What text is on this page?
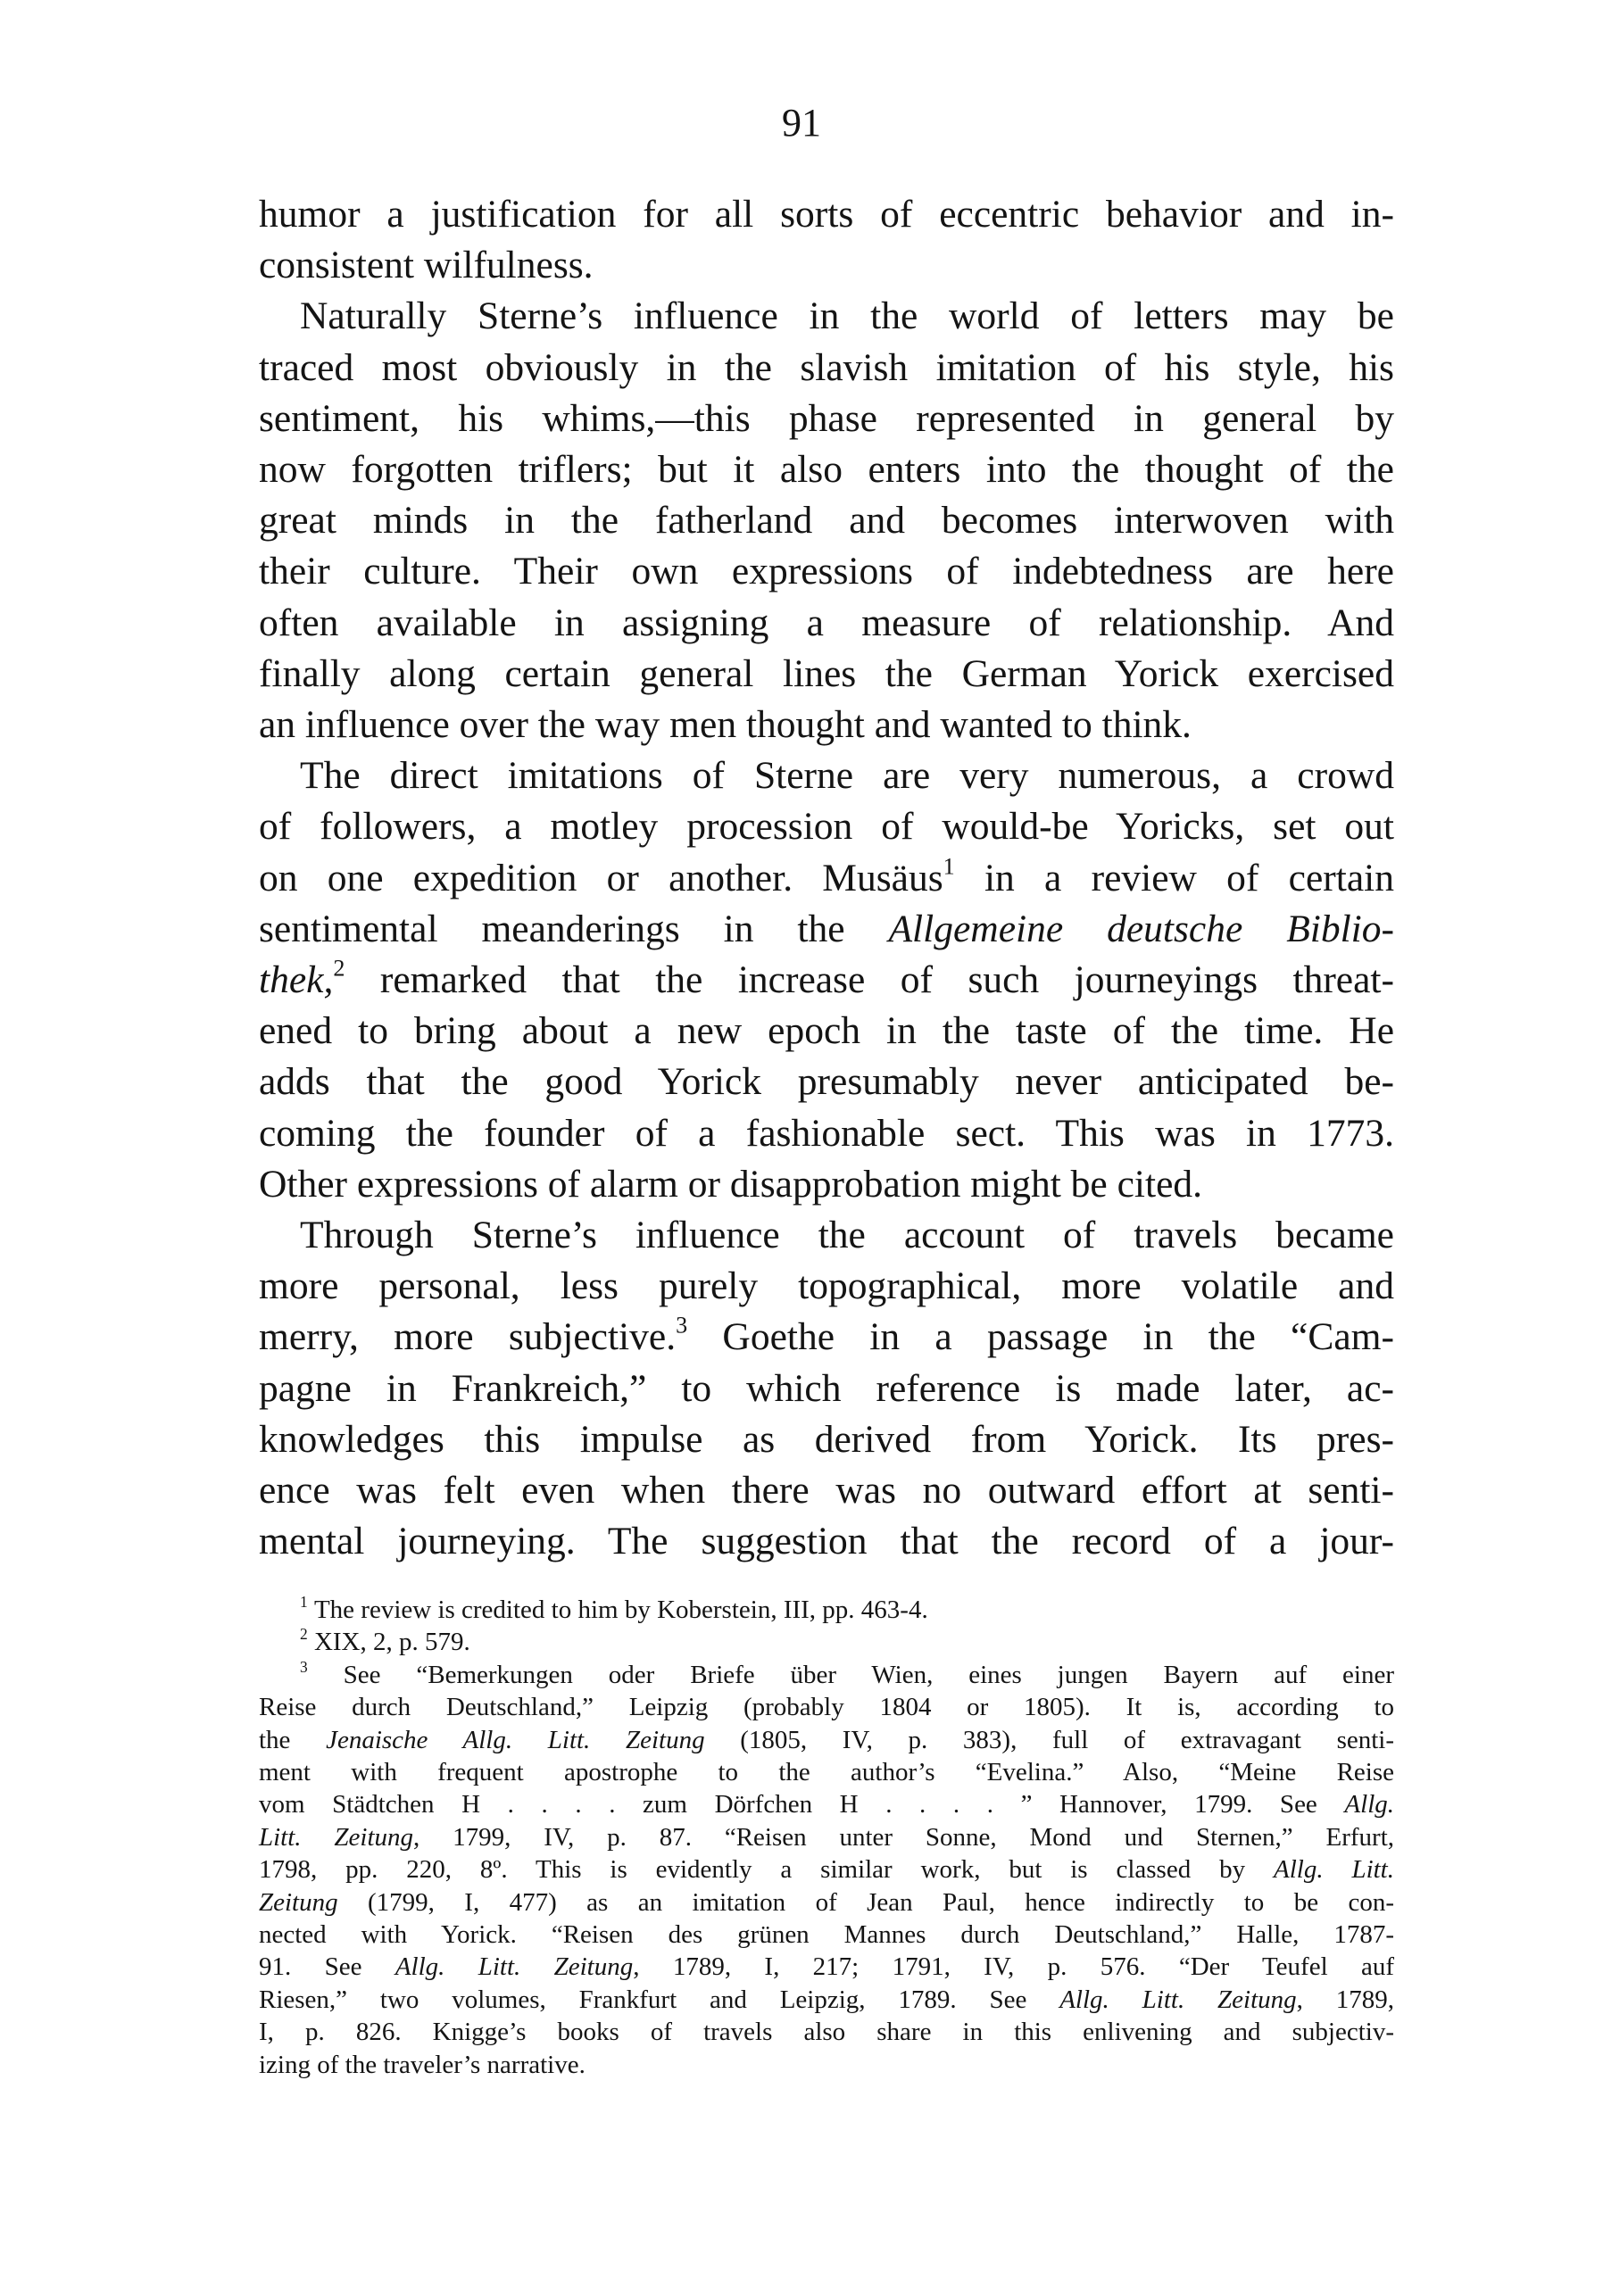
91
humor a justification for all sorts of eccentric behavior and in-
consistent wilfulness.
Naturally Sterne’s influence in the world of letters may be
traced most obviously in the slavish imitation of his style, his
sentiment, his whims,—this phase represented in general by
now forgotten triflers; but it also enters into the thought of the
great minds in the fatherland and becomes interwoven with
their culture. Their own expressions of indebtedness are here
often available in assigning a measure of relationship. And
finally along certain general lines the German Yorick exercised
an influence over the way men thought and wanted to think.
The direct imitations of Sterne are very numerous, a crowd
of followers, a motley procession of would-be Yoricks, set out
on one expedition or another. Musäus$^1$ in a review of certain
sentimental meanderings in the Allgemeine deutsche Biblio-
thek,$^2$ remarked that the increase of such journeyings threat-
ened to bring about a new epoch in the taste of the time. He
adds that the good Yorick presumably never anticipated be-
coming the founder of a fashionable sect. This was in 1773.
Other expressions of alarm or disapprobation might be cited.
Through Sterne’s influence the account of travels became
more personal, less purely topographical, more volatile and
merry, more subjective.$^3$ Goethe in a passage in the “Cam-
pagne in Frankreich,” to which reference is made later, ac-
knowledges this impulse as derived from Yorick. Its pres-
ence was felt even when there was no outward effort at senti-
mental journeying. The suggestion that the record of a jour-
$^1$ The review is credited to him by Koberstein, III, pp. 463-4.
$^2$ XIX, 2, p. 579.
$^3$ See “Bemerkungen oder Briefe über Wien, eines jungen Bayern auf einer
Reise durch Deutschland,” Leipzig (probably 1804 or 1805). It is, according to
the Jenaische Allg. Litt. Zeitung (1805, IV, p. 383), full of extravagant senti-
ment with frequent apostrophe to the author’s “Evelina.” Also, “Meine Reise
vom Städtchen H . . . . zum Dörfchen H . . . . ” Hannover, 1799. See Allg.
Litt. Zeitung, 1799, IV, p. 87. “Reisen unter Sonne, Mond und Sternen,” Erfurt,
1798, pp. 220, 8º. This is evidently a similar work, but is classed by Allg. Litt.
Zeitung (1799, I, 477) as an imitation of Jean Paul, hence indirectly to be con-
nected with Yorick. “Reisen des grünen Mannes durch Deutschland,” Halle, 1787-
91. See Allg. Litt. Zeitung, 1789, I, 217; 1791, IV, p. 576. “Der Teufel auf
Riesen,” two volumes, Frankfurt and Leipzig, 1789. See Allg. Litt. Zeitung, 1789,
I, p. 826. Knigge’s books of travels also share in this enlivening and subjectiv-
izing of the traveler’s narrative.
